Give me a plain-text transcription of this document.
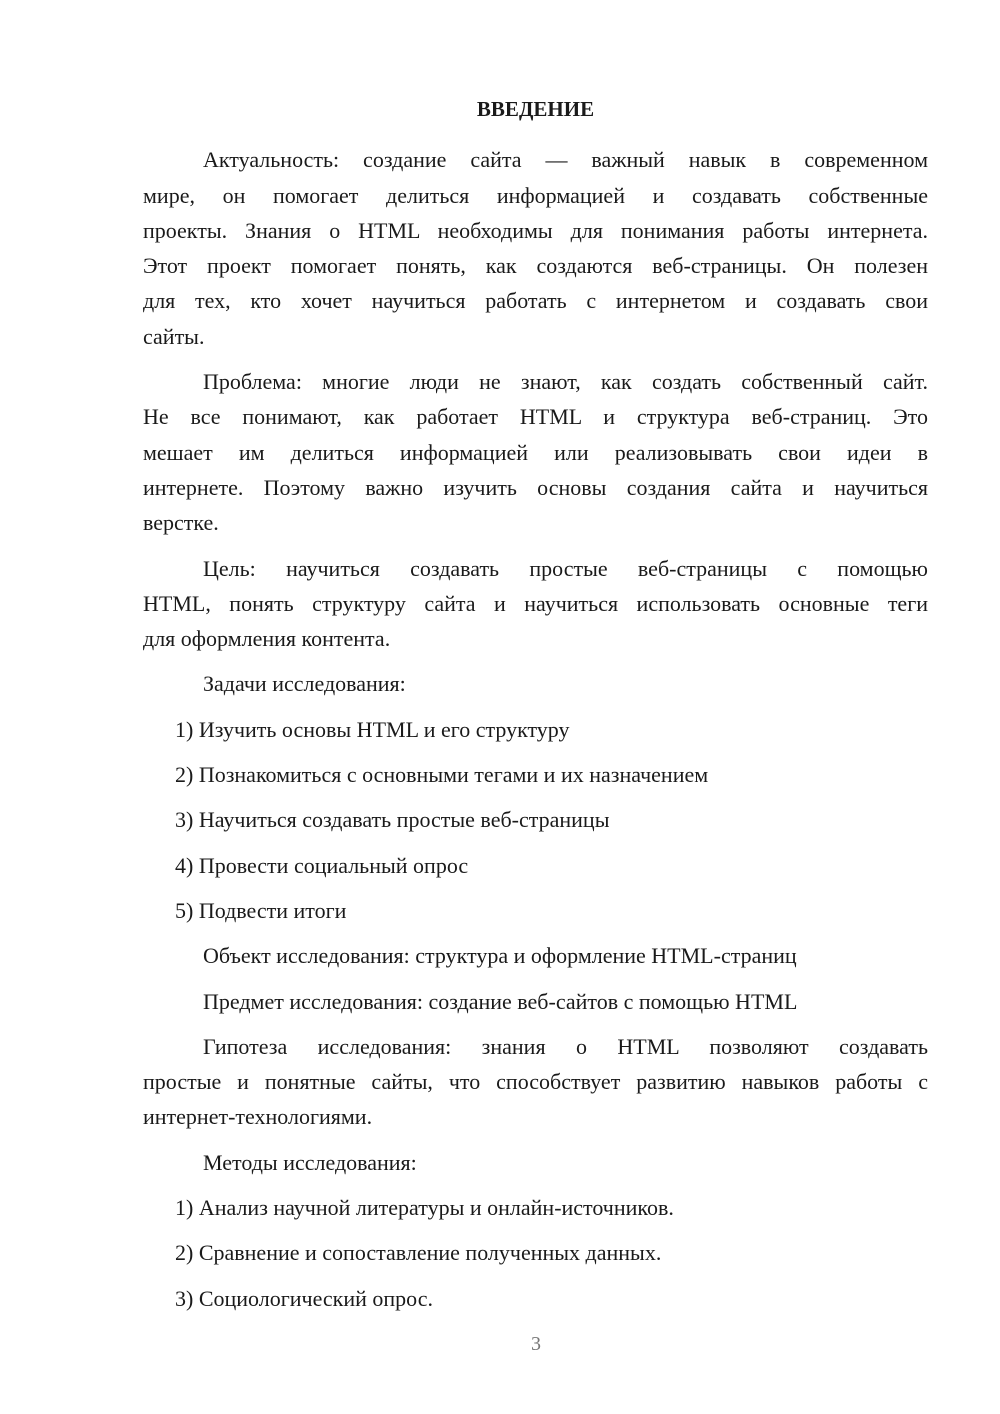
ВВЕДЕНИЕ
Актуальность: создание сайта — важный навык в современном
мире, он помогает делиться информацией и создавать собственные
проекты. Знания о HTML необходимы для понимания работы интернета.
Этот проект помогает понять, как создаются веб-страницы. Он полезен
для тех, кто хочет научиться работать с интернетом и создавать свои
сайты.
Проблема: многие люди не знают, как создать собственный сайт.
Не все понимают, как работает HTML и структура веб-страниц. Это
мешает им делиться информацией или реализовывать свои идеи в
интернете. Поэтому важно изучить основы создания сайта и научиться
верстке.
Цель: научиться создавать простые веб-страницы с помощью
HTML, понять структуру сайта и научиться использовать основные теги
для оформления контента.
Задачи исследования:
1) Изучить основы HTML и его структуру
2) Познакомиться с основными тегами и их назначением
3) Научиться создавать простые веб-страницы
4) Провести социальный опрос
5) Подвести итоги
Объект исследования: структура и оформление HTML-страниц
Предмет исследования: создание веб-сайтов с помощью HTML
Гипотеза исследования: знания о HTML позволяют создавать
простые и понятные сайты, что способствует развитию навыков работы с
интернет-технологиями.
Методы исследования:
1) Анализ научной литературы и онлайн-источников.
2) Сравнение и сопоставление полученных данных.
3) Социологический опрос.
3
